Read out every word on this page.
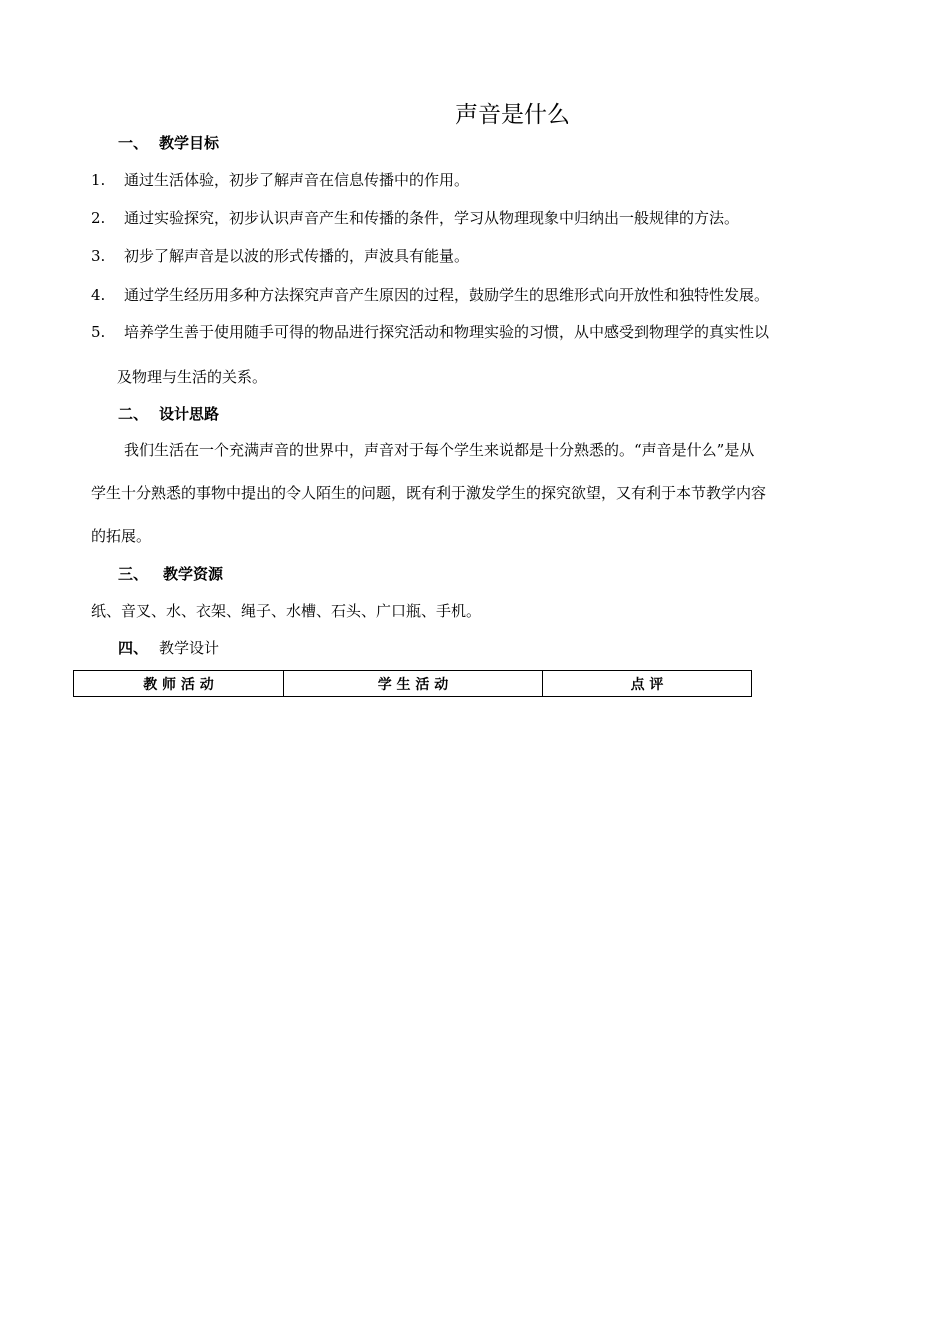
声音是什么
一、 教学目标
1. 通过生活体验，初步了解声音在信息传播中的作用。
2. 通过实验探究，初步认识声音产生和传播的条件，学习从物理现象中归纳出一般规律的方法。
3. 初步了解声音是以波的形式传播的，声波具有能量。
4. 通过学生经历用多种方法探究声音产生原因的过程，鼓励学生的思维形式向开放性和独特性发展。
5. 培养学生善于使用随手可得的物品进行探究活动和物理实验的习惯，从中感受到物理学的真实性以
及物理与生活的关系。
二、 设计思路
我们生活在一个充满声音的世界中，声音对于每个学生来说都是十分熟悉的。“声音是什么”是从
学生十分熟悉的事物中提出的令人陌生的问题，既有利于激发学生的探究欲望，又有利于本节教学内容
的拓展。
三、 教学资源
纸、音叉、水、衣架、绳子、水槽、石头、广口瓶、手机。
四、 教学设计
教 师 活 动	学 生 活 动	点 评
